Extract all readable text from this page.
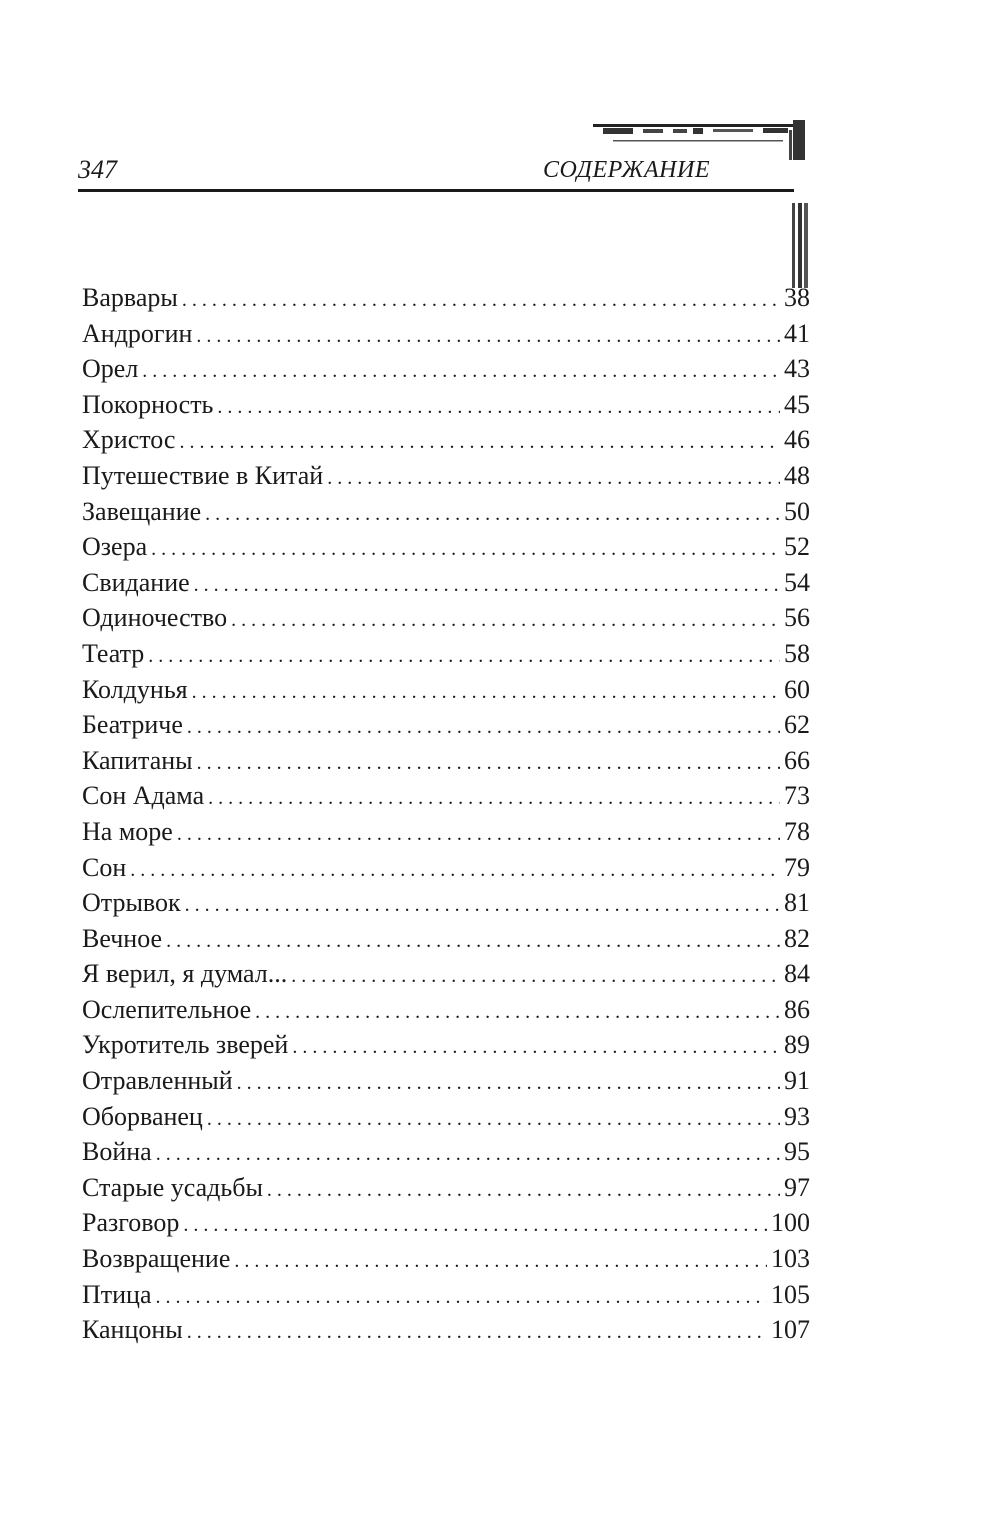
347	СОДЕРЖАНИЕ
Варвары . . .	38
Андрогин . . .	41
Орел . . .	43
Покорность . . .	45
Христос . . .	46
Путешествие в Китай . . .	48
Завещание . . .	50
Озера . . .	52
Свидание . . .	54
Одиночество . . .	56
Театр . . .	58
Колдунья . . .	60
Беатриче . . .	62
Капитаны . . .	66
Сон Адама . . .	73
На море . . .	78
Сон . . .	79
Отрывок . . .	81
Вечное . . .	82
Я верил, я думал... . . .	84
Ослепительное . . .	86
Укротитель зверей . . .	89
Отравленный . . .	91
Оборванец . . .	93
Война . . .	95
Старые усадьбы . . .	97
Разговор . . .	100
Возвращение . . .	103
Птица . . .	105
Канцоны . . .	107
